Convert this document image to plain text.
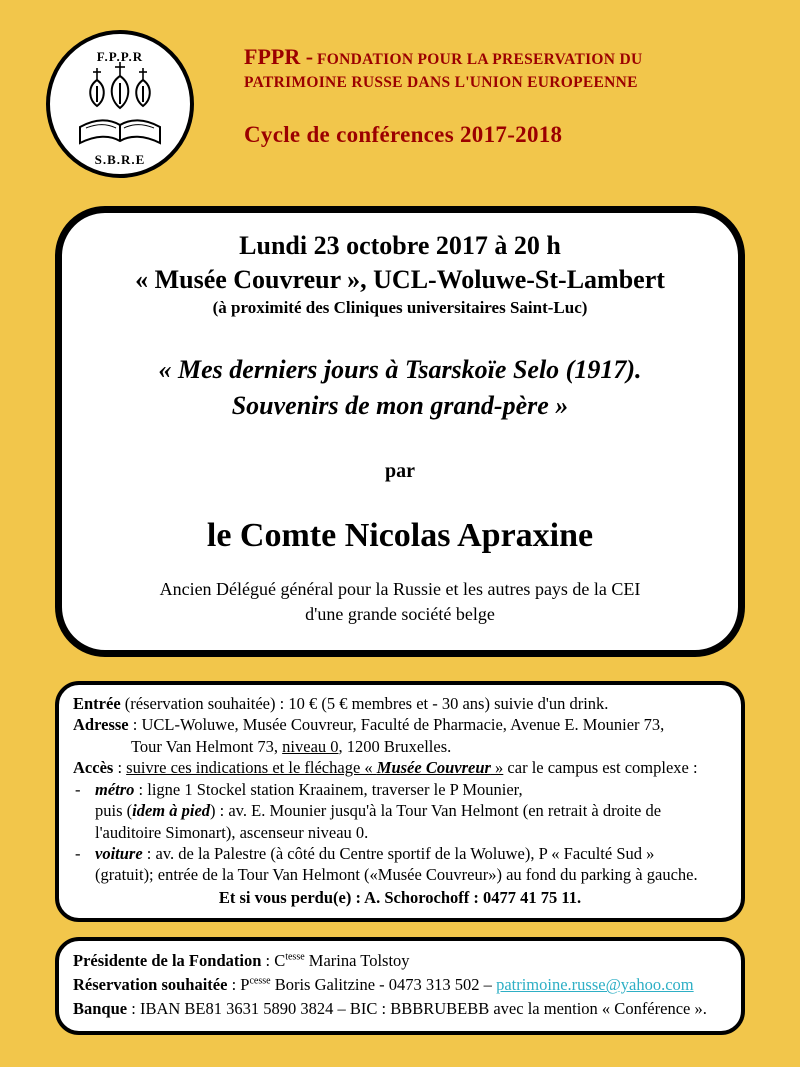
F.P.P.R
S.B.R.E
FPPR - FONDATION POUR LA PRESERVATION DU
PATRIMOINE RUSSE DANS L'UNION EUROPEENNE
Cycle de conférences 2017-2018
Lundi 23 octobre 2017 à 20 h
« Musée Couvreur », UCL-Woluwe-St-Lambert
(à proximité des Cliniques universitaires Saint-Luc)
« Mes derniers jours à Tsarskoïe Selo (1917).
Souvenirs de mon grand-père »
par
le Comte Nicolas Apraxine
Ancien Délégué général pour la Russie et les autres pays de la CEI
d'une grande société belge

Entrée (réservation souhaitée) : 10 € (5 € membres et - 30 ans) suivie d'un drink.

Adresse : UCL-Woluwe, Musée Couvreur, Faculté de Pharmacie, Avenue E. Mounier 73,
Tour Van Helmont 73, niveau 0, 1200 Bruxelles.

Accès : suivre ces indications et le fléchage « Musée Couvreur » car le campus est complexe :

- métro : ligne 1 Stockel station Kraainem, traverser le P Mounier,
puis (idem à pied) : av. E. Mounier jusqu'à la Tour Van Helmont (en retrait à droite de
l'auditoire Simonart), ascenseur niveau 0.

- voiture : av. de la Palestre (à côté du Centre sportif de la Woluwe), P « Faculté Sud »
(gratuit); entrée de la Tour Van Helmont («Musée Couvreur») au fond du parking à gauche.

Et si vous perdu(e) : A. Schorochoff : 0477 41 75 11.

Présidente de la Fondation : $C^{tesse}$ Marina Tolstoy

Réservation souhaitée : $P^{cesse}$ Boris Galitzine - 0473 313 502 – patrimoine.russe@yahoo.com

Banque : IBAN BE81 3631 5890 3824 – BIC : BBBRUBEBB avec la mention « Conférence ».
